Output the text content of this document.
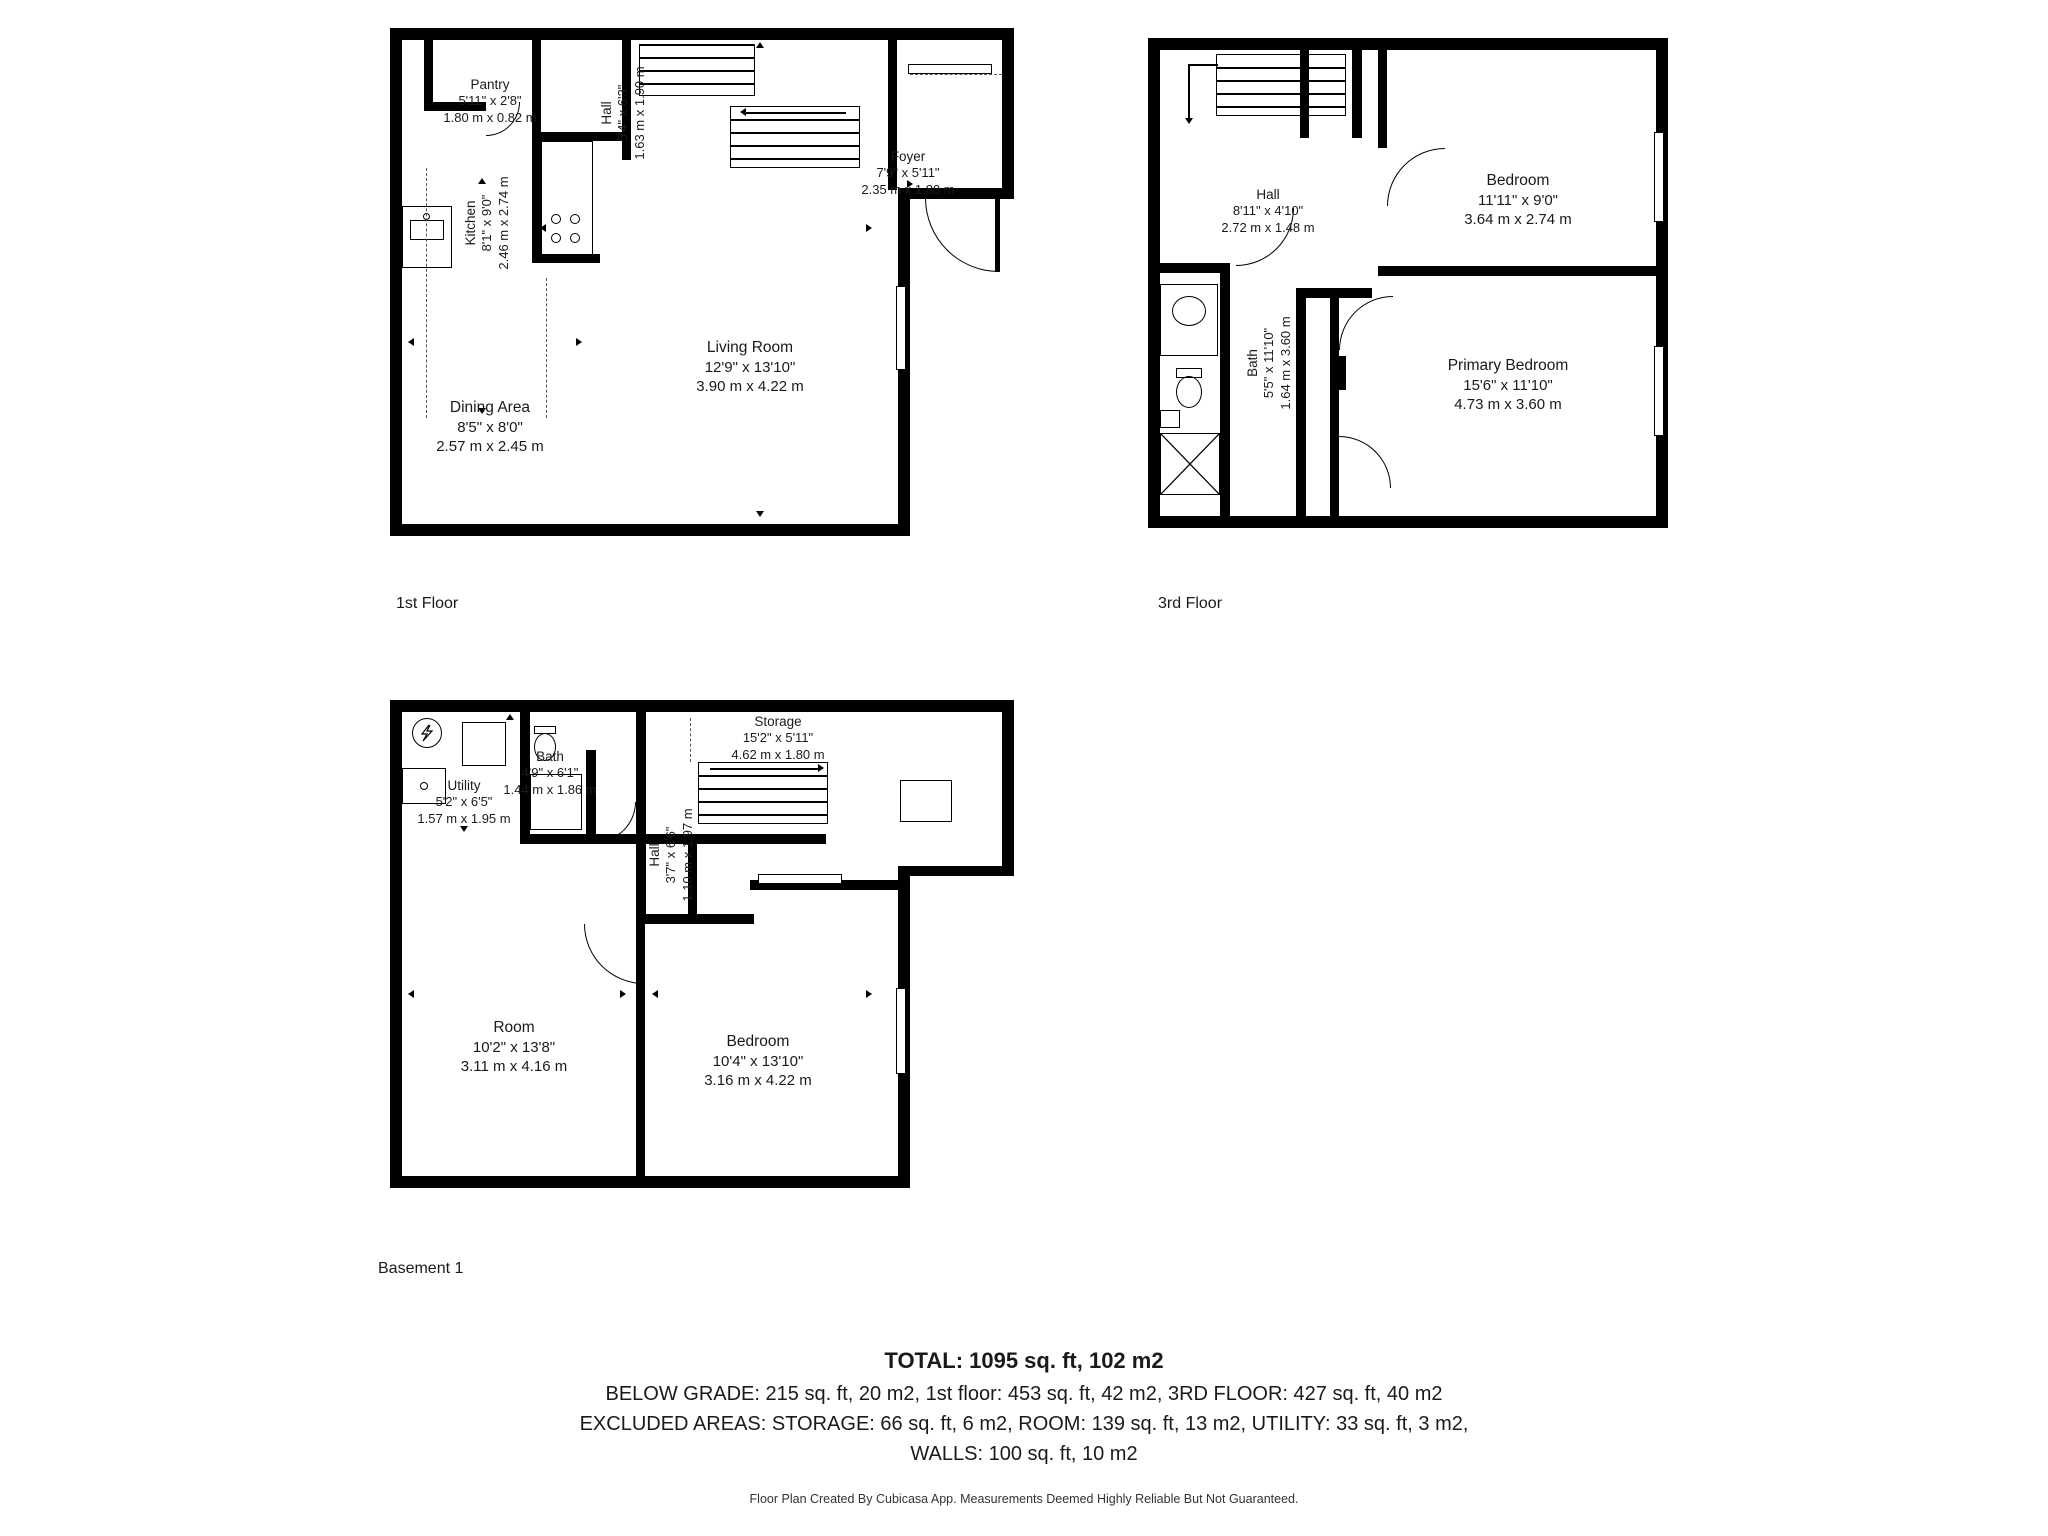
Pantry
5'11" x 2'8"
1.80 m x 0.82 m	Hall 5'4" x 6'3" 1.63 m x 1.90 m	Foyer
7'9" x 5'11"
2.35 m x 1.80 m
Kitchen 8'1" x 9'0" 2.46 m x 2.74 m
Living Room
12'9" x 13'10"
3.90 m x 4.22 m
Dining Area
8'5" x 8'0"
2.57 m x 2.45 m
1st Floor
Hall
8'11" x 4'10"
2.72 m x 1.48 m
Bedroom
11'11" x 9'0"
3.64 m x 2.74 m
Bath 5'5" x 11'10" 1.64 m x 3.60 m	Primary Bedroom
15'6" x 11'10"
4.73 m x 3.60 m
3rd Floor
Storage
15'2" x 5'11"
4.62 m x 1.80 m
Utility
5'2" x 6'5"
1.57 m x 1.95 m
Bath
4'9" x 6'1"
1.44 m x 1.86 m
Hall 3'7" x 6'6" 1.10 m x 1.97 m
Room
10'2" x 13'8"
3.11 m x 4.16 m
Bedroom
10'4" x 13'10"
3.16 m x 4.22 m
Basement 1
TOTAL: 1095 sq. ft, 102 m2
BELOW GRADE: 215 sq. ft, 20 m2, 1st floor: 453 sq. ft, 42 m2, 3RD FLOOR: 427 sq. ft, 40 m2
EXCLUDED AREAS: STORAGE: 66 sq. ft, 6 m2, ROOM: 139 sq. ft, 13 m2, UTILITY: 33 sq. ft, 3 m2,
WALLS: 100 sq. ft, 10 m2
Floor Plan Created By Cubicasa App. Measurements Deemed Highly Reliable But Not Guaranteed.
